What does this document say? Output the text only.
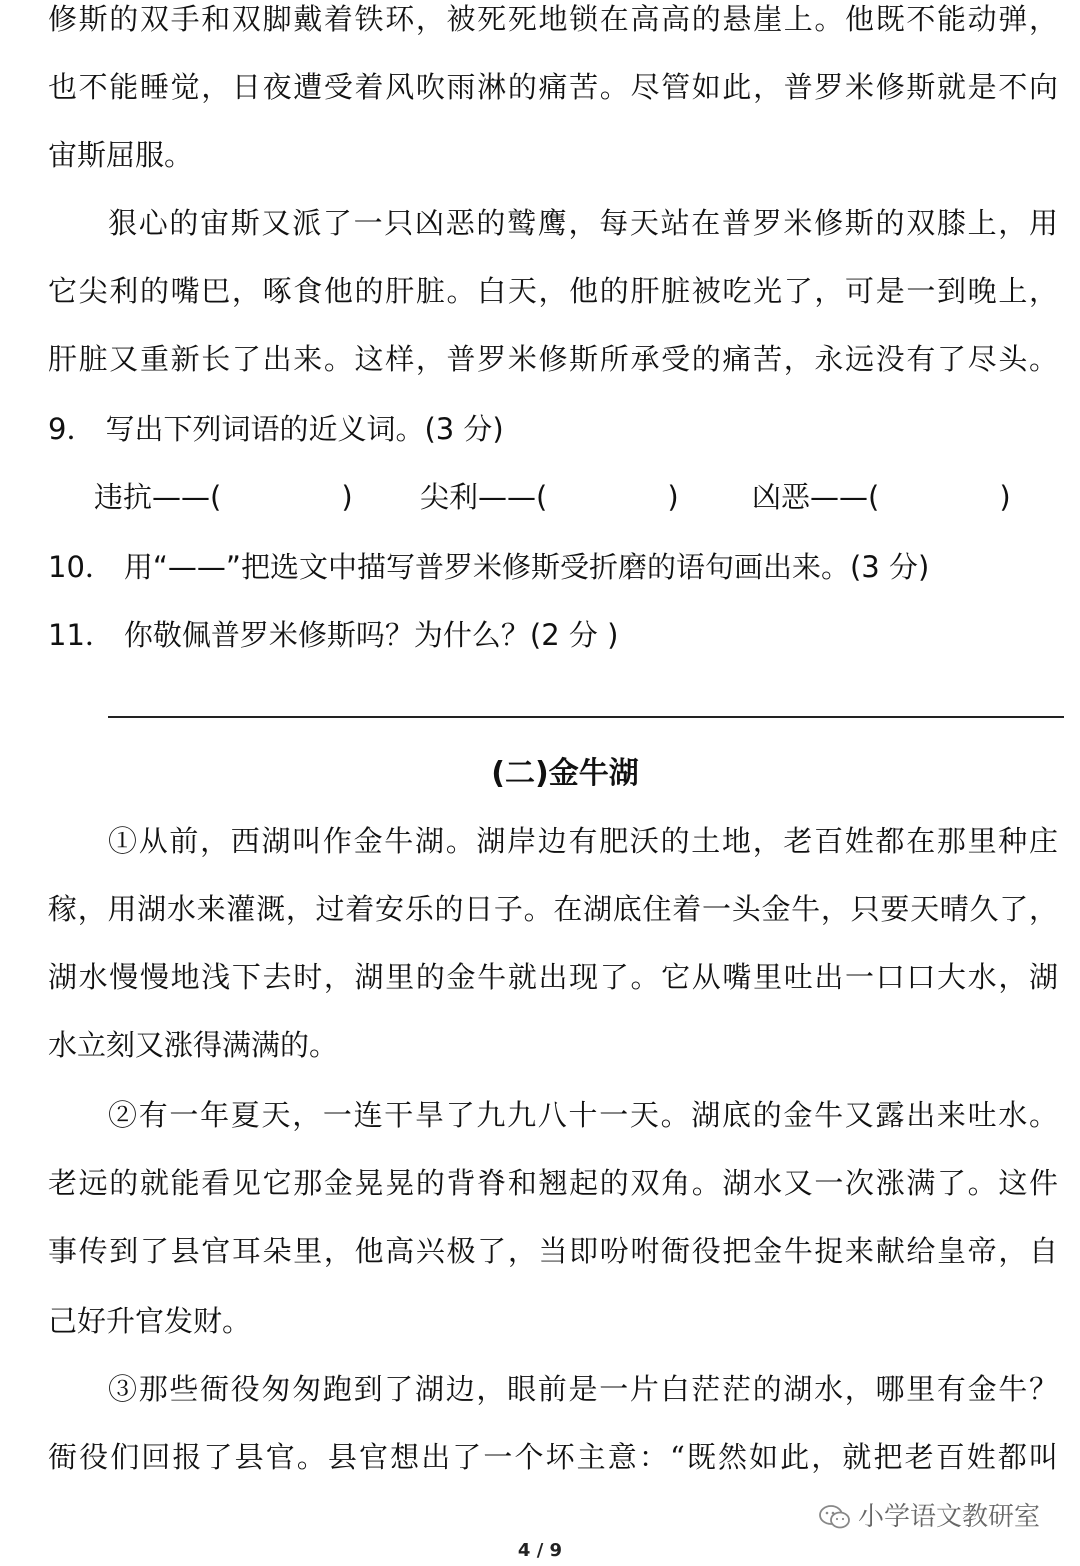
修斯的双手和双脚戴着铁环，被死死地锁在高高的悬崖上。他既不能动弹，
也不能睡觉，日夜遭受着风吹雨淋的痛苦。尽管如此，普罗米修斯就是不向
宙斯屈服。
狠心的宙斯又派了一只凶恶的鹫鹰，每天站在普罗米修斯的双膝上，用
它尖利的嘴巴，啄食他的肝脏。白天，他的肝脏被吃光了，可是一到晚上，
肝脏又重新长了出来。这样，普罗米修斯所承受的痛苦，永远没有了尽头。
9． 写出下列词语的近义词。(3 分)
违抗——(	) 尖利——(	)	凶恶——(	)
10． 用“——”把选文中描写普罗米修斯受折磨的语句画出来。(3 分)
11． 你敬佩普罗米修斯吗？为什么？(2 分 )
(二)金牛湖
①从前，西湖叫作金牛湖。湖岸边有肥沃的土地，老百姓都在那里种庄
稼，用湖水来灌溉，过着安乐的日子。在湖底住着一头金牛，只要天晴久了，
湖水慢慢地浅下去时，湖里的金牛就出现了。它从嘴里吐出一口口大水，湖
水立刻又涨得满满的。
②有一年夏天，一连干旱了九九八十一天。湖底的金牛又露出来吐水。
老远的就能看见它那金晃晃的背脊和翘起的双角。湖水又一次涨满了。这件
事传到了县官耳朵里，他高兴极了，当即吩咐衙役把金牛捉来献给皇帝，自
己好升官发财。
③那些衙役匆匆跑到了湖边，眼前是一片白茫茫的湖水，哪里有金牛？
衙役们回报了县官。县官想出了一个坏主意：“既然如此，就把老百姓都叫
小学语文教研室
4 / 9
